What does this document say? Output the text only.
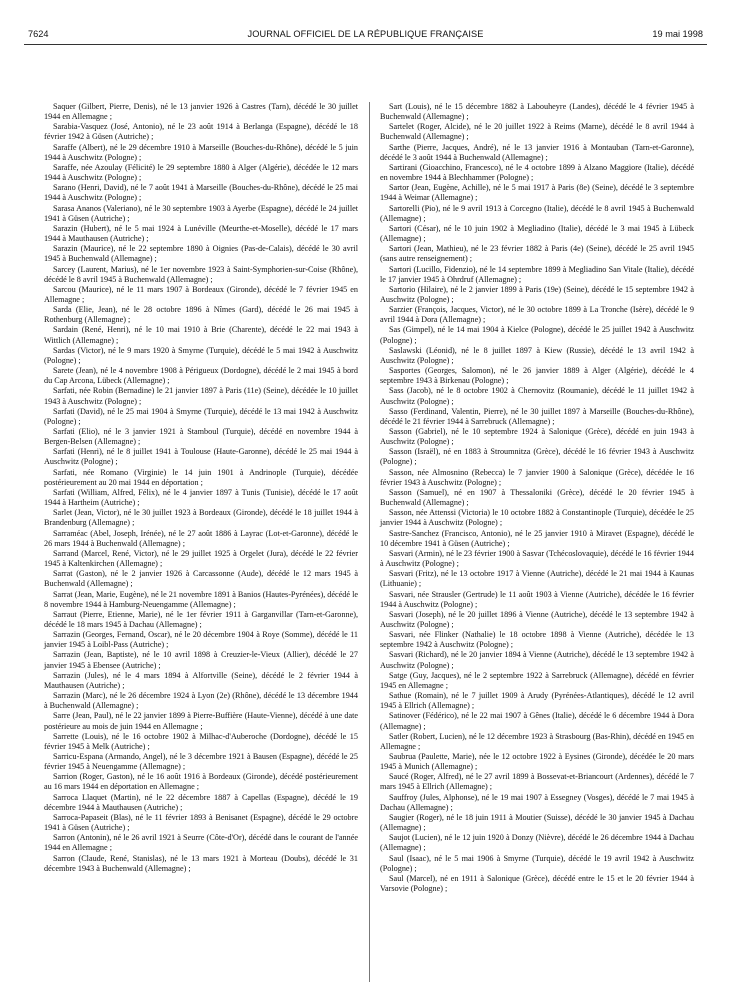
7624	JOURNAL OFFICIEL DE LA RÉPUBLIQUE FRANÇAISE	19 mai 1998

Saquer (Gilbert, Pierre, Denis), né le 13 janvier 1926 à Castres (Tarn), décédé le 30 juillet 1944 en Allemagne ;

Sarabia-Vasquez (José, Antonio), né le 23 août 1914 à Berlanga (Espagne), décédé le 18 février 1942 à Güsen (Autriche) ;

Saraffe (Albert), né le 29 décembre 1910 à Marseille (Bouches-du-Rhône), décédé le 5 juin 1944 à Auschwitz (Pologne) ;

Saraffe, née Azoulay (Félicité) le 29 septembre 1880 à Alger (Algérie), décédée le 12 mars 1944 à Auschwitz (Pologne) ;

Sarano (Henri, David), né le 7 août 1941 à Marseille (Bouches-du-Rhône), décédé le 25 mai 1944 à Auschwitz (Pologne) ;

Sarasa Ananos (Valeriano), né le 30 septembre 1903 à Ayerbe (Espagne), décédé le 24 juillet 1941 à Güsen (Autriche) ;

Sarazin (Hubert), né le 5 mai 1924 à Lunéville (Meurthe-et-Moselle), décédé le 17 mars 1944 à Mauthausen (Autriche) ;

Sarazin (Maurice), né le 22 septembre 1890 à Oignies (Pas-de-Calais), décédé le 30 avril 1945 à Buchenwald (Allemagne) ;

Sarcey (Laurent, Marius), né le 1er novembre 1923 à Saint-Symphorien-sur-Coise (Rhône), décédé le 8 avril 1945 à Buchenwald (Allemagne) ;

Sarcou (Maurice), né le 11 mars 1907 à Bordeaux (Gironde), décédé le 7 février 1945 en Allemagne ;

Sarda (Elie, Jean), né le 28 octobre 1896 à Nîmes (Gard), décédé le 26 mai 1945 à Rothenburg (Allemagne) ;

Sardain (René, Henri), né le 10 mai 1910 à Brie (Charente), décédé le 22 mai 1943 à Wittlich (Allemagne) ;

Sardas (Victor), né le 9 mars 1920 à Smyrne (Turquie), décédé le 5 mai 1942 à Auschwitz (Pologne) ;

Sarete (Jean), né le 4 novembre 1908 à Périgueux (Dordogne), décédé le 2 mai 1945 à bord du Cap Arcona, Lübeck (Allemagne) ;

Sarfati, née Robin (Bernadine) le 21 janvier 1897 à Paris (11e) (Seine), décédée le 10 juillet 1943 à Auschwitz (Pologne) ;

Sarfati (David), né le 25 mai 1904 à Smyrne (Turquie), décédé le 13 mai 1942 à Auschwitz (Pologne) ;

Sarfati (Elio), né le 3 janvier 1921 à Stamboul (Turquie), décédé en novembre 1944 à Bergen-Belsen (Allemagne) ;

Sarfati (Henri), né le 8 juillet 1941 à Toulouse (Haute-Garonne), décédé le 25 mai 1944 à Auschwitz (Pologne) ;

Sarfati, née Romano (Virginie) le 14 juin 1901 à Andrinople (Turquie), décédée postérieurement au 20 mai 1944 en déportation ;

Sarfati (William, Alfred, Félix), né le 4 janvier 1897 à Tunis (Tunisie), décédé le 17 août 1944 à Hartheim (Autriche) ;

Sarlet (Jean, Victor), né le 30 juillet 1923 à Bordeaux (Gironde), décédé le 18 juillet 1944 à Brandenburg (Allemagne) ;

Sarraméac (Abel, Joseph, Irénée), né le 27 août 1886 à Layrac (Lot-et-Garonne), décédé le 26 mars 1944 à Buchenwald (Allemagne) ;

Sarrand (Marcel, René, Victor), né le 29 juillet 1925 à Orgelet (Jura), décédé le 22 février 1945 à Kaltenkirchen (Allemagne) ;

Sarrat (Gaston), né le 2 janvier 1926 à Carcassonne (Aude), décédé le 12 mars 1945 à Buchenwald (Allemagne) ;

Sarrat (Jean, Marie, Eugène), né le 21 novembre 1891 à Banios (Hautes-Pyrénées), décédé le 8 novembre 1944 à Hamburg-Neuengamme (Allemagne) ;

Sarraut (Pierre, Etienne, Marie), né le 1er février 1911 à Garganvillar (Tarn-et-Garonne), décédé le 18 mars 1945 à Dachau (Allemagne) ;

Sarrazin (Georges, Fernand, Oscar), né le 20 décembre 1904 à Roye (Somme), décédé le 11 janvier 1945 à Loibl-Pass (Autriche) ;

Sarrazin (Jean, Baptiste), né le 10 avril 1898 à Creuzier-le-Vieux (Allier), décédé le 27 janvier 1945 à Ebensee (Autriche) ;

Sarrazin (Jules), né le 4 mars 1894 à Alfortville (Seine), décédé le 2 février 1944 à Mauthausen (Autriche) ;

Sarrazin (Marc), né le 26 décembre 1924 à Lyon (2e) (Rhône), décédé le 13 décembre 1944 à Buchenwald (Allemagne) ;

Sarre (Jean, Paul), né le 22 janvier 1899 à Pierre-Buffière (Haute-Vienne), décédé à une date postérieure au mois de juin 1944 en Allemagne ;

Sarrette (Louis), né le 16 octobre 1902 à Milhac-d'Auberoche (Dordogne), décédé le 15 février 1945 à Melk (Autriche) ;

Sarricu-Espana (Armando, Angel), né le 3 décembre 1921 à Bausen (Espagne), décédé le 25 février 1945 à Neuengamme (Allemagne) ;

Sarrion (Roger, Gaston), né le 16 août 1916 à Bordeaux (Gironde), décédé postérieurement au 16 mars 1944 en déportation en Allemagne ;

Sarroca Llaquet (Martin), né le 22 décembre 1887 à Capellas (Espagne), décédé le 19 décembre 1944 à Mauthausen (Autriche) ;

Sarroca-Papaseit (Blas), né le 11 février 1893 à Benisanet (Espagne), décédé le 29 octobre 1941 à Güsen (Autriche) ;

Sarron (Antonin), né le 26 avril 1921 à Seurre (Côte-d'Or), décédé dans le courant de l'année 1944 en Allemagne ;

Sarron (Claude, René, Stanislas), né le 13 mars 1921 à Morteau (Doubs), décédé le 31 décembre 1943 à Buchenwald (Allemagne) ;

Sart (Louis), né le 15 décembre 1882 à Labouheyre (Landes), décédé le 4 février 1945 à Buchenwald (Allemagne) ;

Sartelet (Roger, Alcide), né le 20 juillet 1922 à Reims (Marne), décédé le 8 avril 1944 à Buchenwald (Allemagne) ;

Sarthe (Pierre, Jacques, André), né le 13 janvier 1916 à Montauban (Tarn-et-Garonne), décédé le 3 août 1944 à Buchenwald (Allemagne) ;

Sartirani (Gioacchino, Francesco), né le 4 octobre 1899 à Alzano Maggiore (Italie), décédé en novembre 1944 à Blechhammer (Pologne) ;

Sartor (Jean, Eugène, Achille), né le 5 mai 1917 à Paris (8e) (Seine), décédé le 3 septembre 1944 à Weimar (Allemagne) ;

Sartorelli (Pio), né le 9 avril 1913 à Corcegno (Italie), décédé le 8 avril 1945 à Buchenwald (Allemagne) ;

Sartori (César), né le 10 juin 1902 à Megliadino (Italie), décédé le 3 mai 1945 à Lübeck (Allemagne) ;

Sartori (Jean, Mathieu), né le 23 février 1882 à Paris (4e) (Seine), décédé le 25 avril 1945 (sans autre renseignement) ;

Sartori (Lucillo, Fidenzio), né le 14 septembre 1899 à Megliadino San Vitale (Italie), décédé le 17 janvier 1945 à Ohrdruf (Allemagne) ;

Sartorio (Hilaire), né le 2 janvier 1899 à Paris (19e) (Seine), décédé le 15 septembre 1942 à Auschwitz (Pologne) ;

Sarzier (François, Jacques, Victor), né le 30 octobre 1899 à La Tronche (Isère), décédé le 9 avril 1944 à Dora (Allemagne) ;

Sas (Gimpel), né le 14 mai 1904 à Kielce (Pologne), décédé le 25 juillet 1942 à Auschwitz (Pologne) ;

Saslawski (Léonid), né le 8 juillet 1897 à Kiew (Russie), décédé le 13 avril 1942 à Auschwitz (Pologne) ;

Sasportes (Georges, Salomon), né le 26 janvier 1889 à Alger (Algérie), décédé le 4 septembre 1943 à Birkenau (Pologne) ;

Sass (Jacob), né le 8 octobre 1902 à Chernovitz (Roumanie), décédé le 11 juillet 1942 à Auschwitz (Pologne) ;

Sasso (Ferdinand, Valentin, Pierre), né le 30 juillet 1897 à Marseille (Bouches-du-Rhône), décédé le 21 février 1944 à Sarrebruck (Allemagne) ;

Sasson (Gabriel), né le 10 septembre 1924 à Salonique (Grèce), décédé en juin 1943 à Auschwitz (Pologne) ;

Sasson (Israël), né en 1883 à Stroumnitza (Grèce), décédé le 16 février 1943 à Auschwitz (Pologne) ;

Sasson, née Almosnino (Rebecca) le 7 janvier 1900 à Salonique (Grèce), décédée le 16 février 1943 à Auschwitz (Pologne) ;

Sasson (Samuel), né en 1907 à Thessaloniki (Grèce), décédé le 20 février 1945 à Buchenwald (Allemagne) ;

Sasson, née Attenssi (Victoria) le 10 octobre 1882 à Constantinople (Turquie), décédée le 25 janvier 1944 à Auschwitz (Pologne) ;

Sastre-Sanchez (Francisco, Antonio), né le 25 janvier 1910 à Miravet (Espagne), décédé le 10 décembre 1941 à Güsen (Autriche) ;

Sasvari (Armin), né le 23 février 1900 à Sasvar (Tchécoslovaquie), décédé le 16 février 1944 à Auschwitz (Pologne) ;

Sasvari (Fritz), né le 13 octobre 1917 à Vienne (Autriche), décédé le 21 mai 1944 à Kaunas (Lithuanie) ;

Sasvari, née Strausler (Gertrude) le 11 août 1903 à Vienne (Autriche), décédée le 16 février 1944 à Auschwitz (Pologne) ;

Sasvari (Joseph), né le 20 juillet 1896 à Vienne (Autriche), décédé le 13 septembre 1942 à Auschwitz (Pologne) ;

Sasvari, née Flinker (Nathalie) le 18 octobre 1898 à Vienne (Autriche), décédée le 13 septembre 1942 à Auschwitz (Pologne) ;

Sasvari (Richard), né le 20 janvier 1894 à Vienne (Autriche), décédé le 13 septembre 1942 à Auschwitz (Pologne) ;

Satge (Guy, Jacques), né le 2 septembre 1922 à Sarrebruck (Allemagne), décédé en février 1945 en Allemagne ;

Sathue (Romain), né le 7 juillet 1909 à Arudy (Pyrénées-Atlantiques), décédé le 12 avril 1945 à Ellrich (Allemagne) ;

Satinover (Fédérico), né le 22 mai 1907 à Gênes (Italie), décédé le 6 décembre 1944 à Dora (Allemagne) ;

Satler (Robert, Lucien), né le 12 décembre 1923 à Strasbourg (Bas-Rhin), décédé en 1945 en Allemagne ;

Saubrua (Paulette, Marie), née le 12 octobre 1922 à Eysines (Gironde), décédée le 20 mars 1945 à Munich (Allemagne) ;

Saucé (Roger, Alfred), né le 27 avril 1899 à Bossevat-et-Briancourt (Ardennes), décédé le 7 mars 1945 à Ellrich (Allemagne) ;

Sauffroy (Jules, Alphonse), né le 19 mai 1907 à Essegney (Vosges), décédé le 7 mai 1945 à Dachau (Allemagne) ;

Saugier (Roger), né le 18 juin 1911 à Moutier (Suisse), décédé le 30 janvier 1945 à Dachau (Allemagne) ;

Saujot (Lucien), né le 12 juin 1920 à Donzy (Nièvre), décédé le 26 décembre 1944 à Dachau (Allemagne) ;

Saul (Isaac), né le 5 mai 1906 à Smyrne (Turquie), décédé le 19 avril 1942 à Auschwitz (Pologne) ;

Saul (Marcel), né en 1911 à Salonique (Grèce), décédé entre le 15 et le 20 février 1944 à Varsovie (Pologne) ;
